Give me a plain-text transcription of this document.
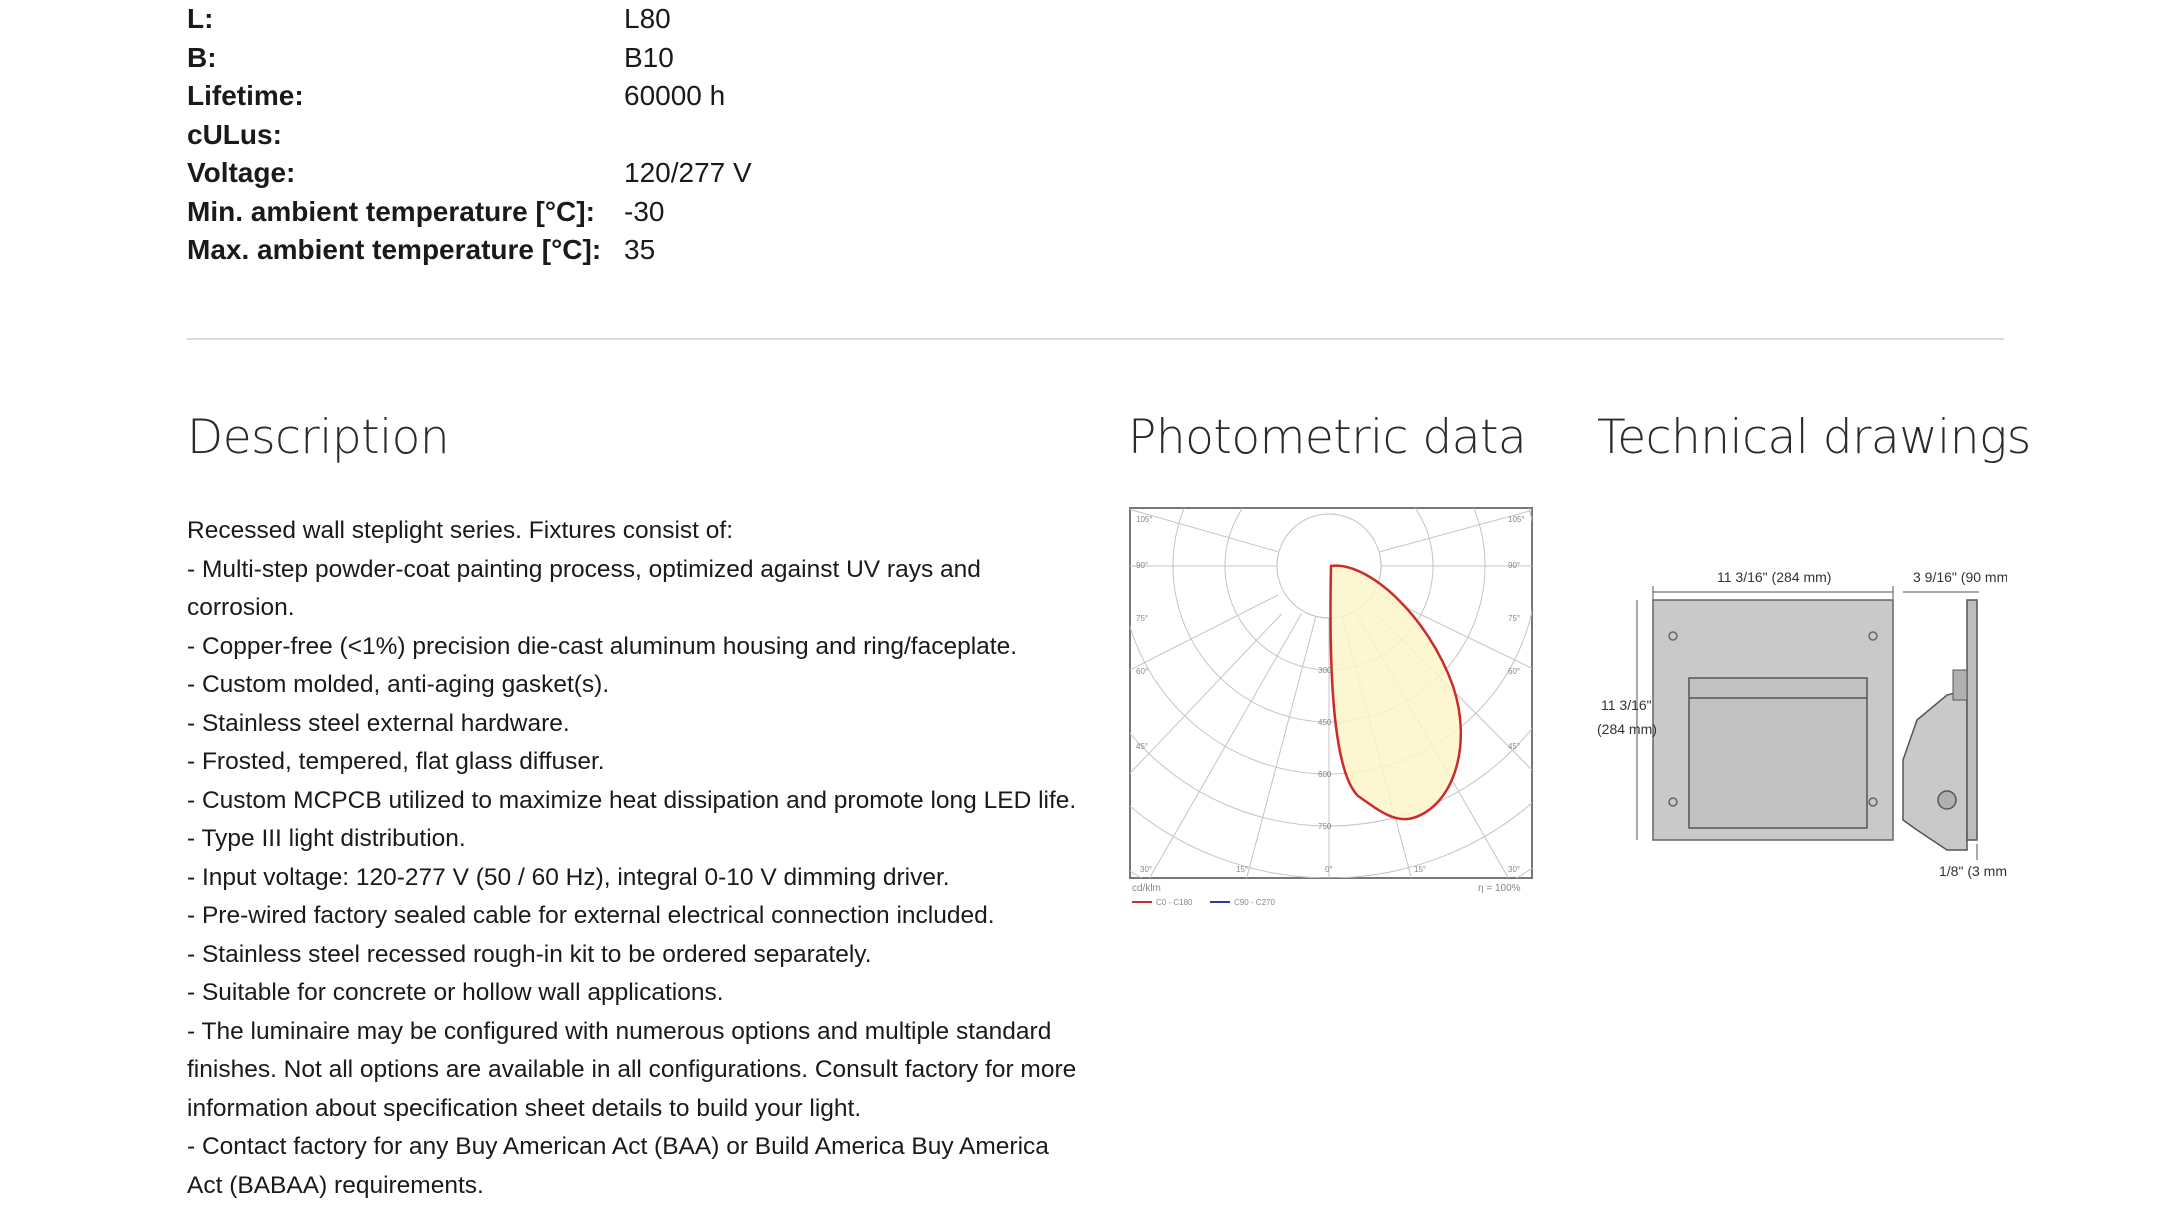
L:	L80
B:	B10
Lifetime:	60000 h
cULus:
Voltage:	120/277 V
Min. ambient temperature [°C]:	-30
Max. ambient temperature [°C]: 35
Description	Photometric data Technical drawings

Recessed wall steplight series. Fixtures consist of:

- Multi-step powder-coat painting process, optimized against UV rays and corrosion.

- Copper-free (<1%) precision die-cast aluminum housing and ring/faceplate.

- Custom molded, anti-aging gasket(s).

- Stainless steel external hardware.

- Frosted, tempered, flat glass diffuser.

- Custom MCPCB utilized to maximize heat dissipation and promote long LED life.

- Type III light distribution.

- Input voltage: 120-277 V (50 / 60 Hz), integral 0-10 V dimming driver.

- Pre-wired factory sealed cable for external electrical connection included.

- Stainless steel recessed rough-in kit to be ordered separately.

- Suitable for concrete or hollow wall applications.

- The luminaire may be configured with numerous options and multiple standard finishes. Not all options are available in all configurations. Consult factory for more information about specification sheet details to build your light.

- Contact factory for any Buy American Act (BAA) or Build America Buy America Act (BABAA) requirements.

105°
90°
75°
60°
45°
105°
90°
75°
60°
45°
30°	15°	0°	15°	30°
300
450
600
750
cd/klm	η = 100%
C0 - C180	C90 - C270
11 3/16" (284 mm)
11 3/16"
(284 mm)
3 9/16" (90 mm)
1/8" (3 mm)
